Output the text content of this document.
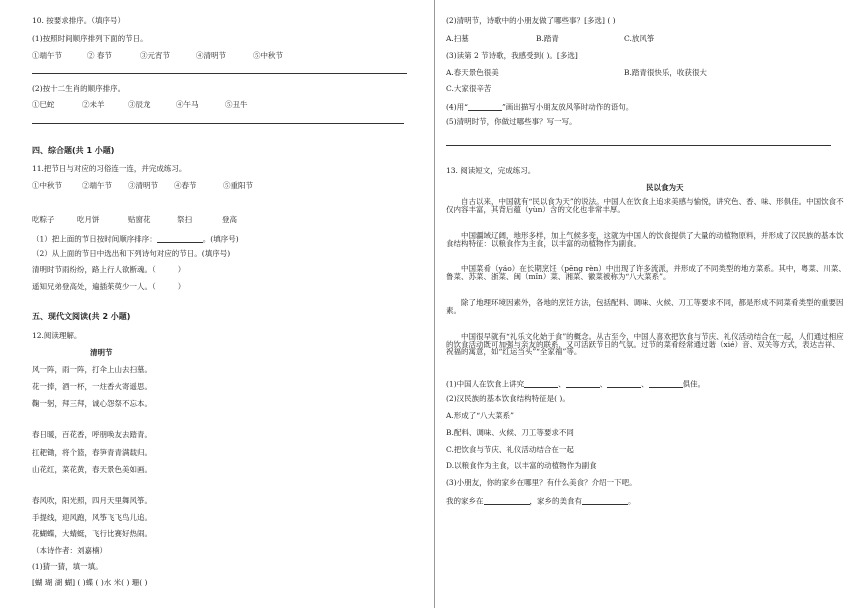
10. 按要求排序。（填序号）
(1)按照时间顺序排列下面的节日。
①端午节	② 春节	③元宵节	④清明节	⑤中秋节
(2)按十二生肖的顺序排序。
①巳蛇	②未羊	③辰龙	④午马	⑤丑牛
四、综合题(共 1 小题)
11.把节日与对应的习俗连一连，并完成练习。
①中秋节	②端午节 ③清明节 ④春节	⑤重阳节
吃粽子	吃月饼	贴窗花	祭扫	登高
（1）把上面的节日按时间顺序排序：	。(填序号)
（2）从上面的节日中选出和下列诗句对应的节日。(填序号)
清明时节雨纷纷，路上行人欲断魂。（	）
遥知兄弟登高处，遍插茱萸少一人。（	）
五、现代文阅读(共 2 小题)
12.阅读理解。
清明节
风一阵，雨一阵，打伞上山去扫墓。
花一捧，酒一杯，一炷香火寄遥思。
鞠一躬，拜三拜，诚心怨祭不忘本。
春日暖，百花香，呼朋唤友去踏青。
扛耙锄，将个篮，春笋青青满载归。
山花红，菜花黄，春天景色美如画。
春风吹，阳光照，四月天里舞风筝。
手提线，迎风跑，风筝飞飞鸟儿追。
花蝴蝶，大蜻蜓，飞行比赛好热闹。
（本诗作者：刘嘉楠）
(1)猜一猜，填一填。
[蝴 瑚 湖 蝴] ( )蝶 ( )水 米( ) 珊( )
(2)清明节，诗歌中的小朋友做了哪些事？[多选] ( )
A.扫墓	B.踏青	C.放风筝
(3)读第 2 节诗歌，我感受到( )。[多选]
A.春天景色很美	B.踏青很快乐，收获很大
C.大家很辛苦
(4)用“	”画出描写小朋友放风筝时动作的语句。
(5)清明时节，你做过哪些事？写一写。
13. 阅读短文，完成练习。
民以食为天
自古以来，中国就有“民以食为天”的说法。中国人在饮食上追求美感与愉悦，讲究色、香、味、形俱佳。中国饮食不仅内容丰富，其背后蕴（yùn）含的文化也非常丰厚。
中国疆域辽阔，地形多样，加上气候多变，这就为中国人的饮食提供了大量的动植物原料，并形成了汉民族的基本饮食结构特征：以粮食作为主食，以丰富的动植物作为副食。
中国菜肴（yáo）在长期烹饪（pēng rèn）中出现了许多流派，并形成了不同类型的地方菜系。其中，粤菜、川菜、鲁菜、苏菜、浙菜、闽（mǐn）菜、湘菜、徽菜被称为“八大菜系”。
除了地理环境因素外，各地的烹饪方法，包括配料、调味、火候、刀工等要求不同，都是形成不同菜肴类型的重要因素。
中国很早就有“礼乐文化始于食”的概念。从古至今，中国人喜欢把饮食与节庆、礼仪活动结合在一起，人们通过相应的饮食活动既可加强与亲友的联系，又可活跃节日的气氛。过节的菜肴经常通过谐（xié）音、双关等方式，表达吉祥、祝福的寓意，如“红运当头”“全家福”等。
(1)中国人在饮食上讲究	、	、	、	俱佳。
(2)汉民族的基本饮食结构特征是( )。
A.形成了“八大菜系”
B.配料、调味、火候、刀工等要求不同
C.把饮食与节庆、礼仪活动结合在一起
D.以粮食作为主食，以丰富的动植物作为副食
(3)小朋友，你的家乡在哪里？有什么美食？介绍一下吧。
我的家乡在	，家乡的美食有	。
